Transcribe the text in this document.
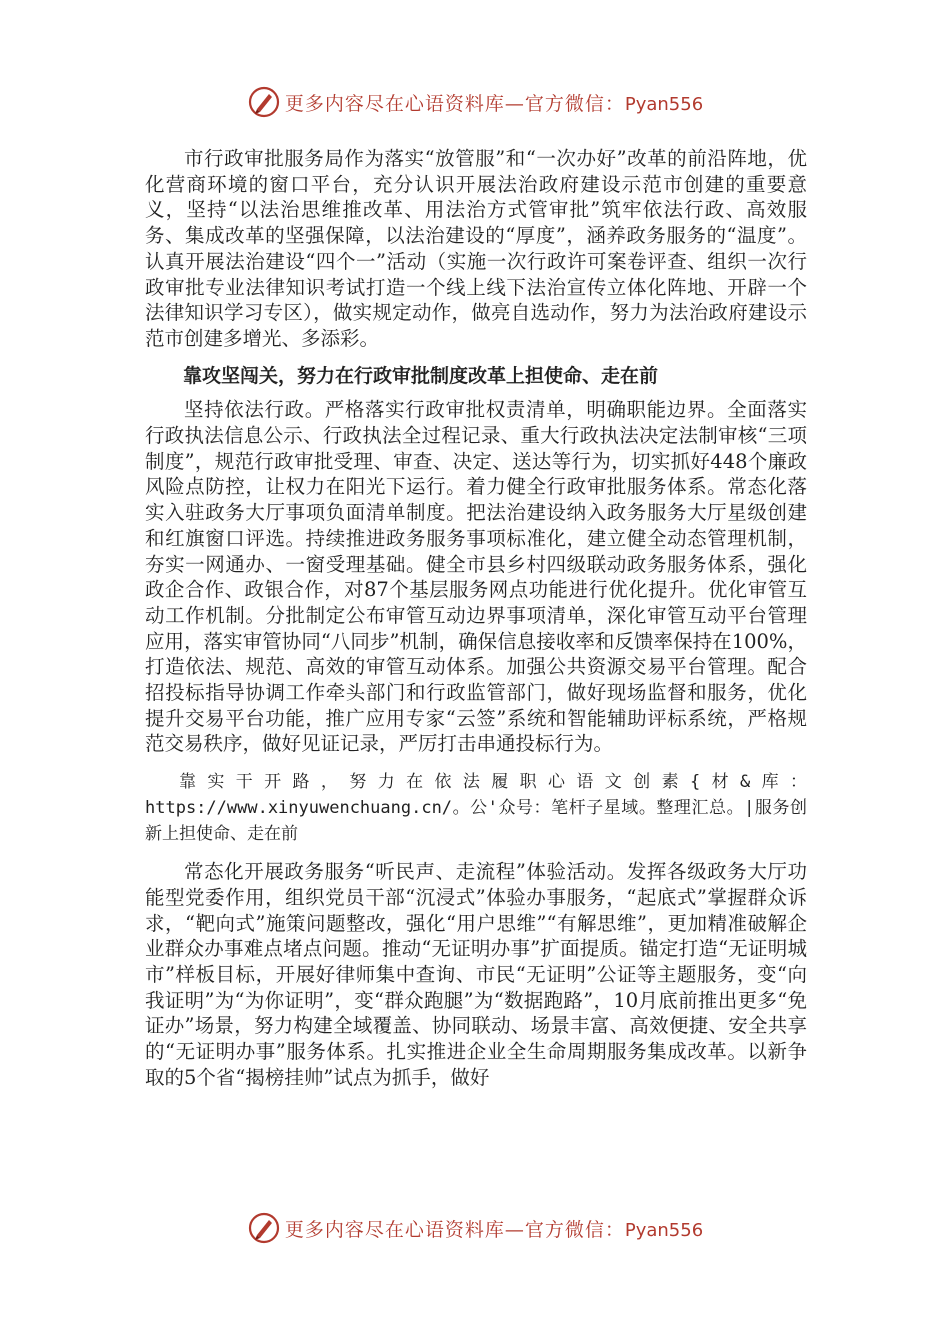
更多内容尽在心语资料库—官方微信：Pyan556

市行政审批服务局作为落实“放管服”和“一次办好”改革的前沿阵地，优化营商环境的窗口平台，充分认识开展法治政府建设示范市创建的重要意义，坚持“以法治思维推改革、用法治方式管审批”筑牢依法行政、高效服务、集成改革的坚强保障，以法治建设的“厚度”，涵养政务服务的“温度”。认真开展法治建设“四个一”活动（实施一次行政许可案卷评查、组织一次行政审批专业法律知识考试打造一个线上线下法治宣传立体化阵地、开辟一个法律知识学习专区），做实规定动作，做亮自选动作，努力为法治政府建设示范市创建多增光、多添彩。

靠攻坚闯关，努力在行政审批制度改革上担使命、走在前

坚持依法行政。严格落实行政审批权责清单，明确职能边界。全面落实行政执法信息公示、行政执法全过程记录、重大行政执法决定法制审核“三项制度”，规范行政审批受理、审查、决定、送达等行为，切实抓好448个廉政风险点防控，让权力在阳光下运行。着力健全行政审批服务体系。常态化落实入驻政务大厅事项负面清单制度。把法治建设纳入政务服务大厅星级创建和红旗窗口评选。持续推进政务服务事项标准化，建立健全动态管理机制，夯实一网通办、一窗受理基础。健全市县乡村四级联动政务服务体系，强化政企合作、政银合作，对87个基层服务网点功能进行优化提升。优化审管互动工作机制。分批制定公布审管互动边界事项清单，深化审管互动平台管理应用，落实审管协同“八同步”机制，确保信息接收率和反馈率保持在100%，打造依法、规范、高效的审管互动体系。加强公共资源交易平台管理。配合招投标指导协调工作牵头部门和行政监管部门，做好现场监督和服务，优化提升交易平台功能，推广应用专家“云签”系统和智能辅助评标系统，严格规范交易秩序，做好见证记录，严厉打击串通投标行为。

靠实干开路，努力在依法履职心语文创素{材&库：https://www.xinyuwenchuang.cn/。公'众号：笔杆子星域。整理汇总。|服务创新上担使命、走在前

常态化开展政务服务“听民声、走流程”体验活动。发挥各级政务大厅功能型党委作用，组织党员干部“沉浸式”体验办事服务，“起底式”掌握群众诉求，“靶向式”施策问题整改，强化“用户思维”“有解思维”，更加精准破解企业群众办事难点堵点问题。推动“无证明办事”扩面提质。锚定打造“无证明城市”样板目标，开展好律师集中查询、市民“无证明”公证等主题服务，变“向我证明”为“为你证明”，变“群众跑腿”为“数据跑路”，10月底前推出更多“免证办”场景，努力构建全域覆盖、协同联动、场景丰富、高效便捷、安全共享的“无证明办事”服务体系。扎实推进企业全生命周期服务集成改革。以新争取的5个省“揭榜挂帅”试点为抓手，做好

更多内容尽在心语资料库—官方微信：Pyan556
